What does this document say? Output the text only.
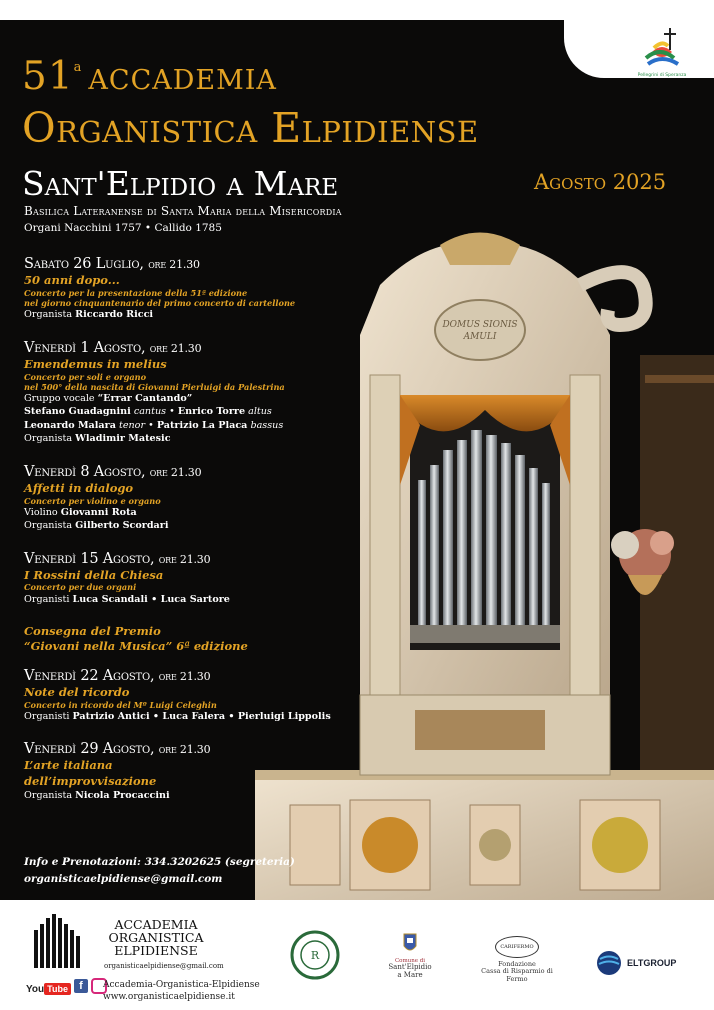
DOMUS SIONIS
AMULI
Pellegrini di Speranza
51$^a$ accademia
Organistica Elpidiense
Sant'Elpidio a Mare	Agosto 2025
Basilica Lateranense di Santa Maria della Misericordia
Organi Nacchini 1757 • Callido 1785
Sabato 26 Luglio, ore 21.30
50 anni dopo...
Concerto per la presentazione della 51ª edizione
nel giorno cinquantenario del primo concerto di cartellone
Organista Riccardo Ricci
Venerdì 1 Agosto, ore 21.30
Emendemus in melius
Concerto per soli e organo
nel 500° della nascita di Giovanni Pierluigi da Palestrina
Gruppo vocale “Errar Cantando”
Stefano Guadagnini cantus • Enrico Torre altus
Leonardo Malara tenor • Patrizio La Placa bassus
Organista Wladimir Matesic
Venerdì 8 Agosto, ore 21.30
Affetti in dialogo
Concerto per violino e organo
Violino Giovanni Rota
Organista Gilberto Scordari
Venerdì 15 Agosto, ore 21.30
I Rossini della Chiesa
Concerto per due organi
Organisti Luca Scandali • Luca Sartore
Consegna del Premio
“Giovani nella Musica” 6ª edizione
Venerdì 22 Agosto, ore 21.30
Note del ricordo
Concerto in ricordo del Mº Luigi Celeghin
Organisti Patrizio Antici • Luca Falera • Pierluigi Lippolis
Venerdì 29 Agosto, ore 21.30
L’arte italiana
dell’improvvisazione
Organista Nicola Procaccini
Info e Prenotazioni: 334.3202625 (segreteria)
organisticaelpidiense@gmail.com
ACCADEMIA
ORGANISTICA
ELPIDIENSE
organisticaelpidiense@gmail.com
You Tube	f	Accademia-Organistica-Elpidiense
www.organisticaelpidiense.it
R	Comune di
Sant'Elpidio
a Mare
CARIFERMO
Fondazione
Cassa di Risparmio di Fermo
ELTGROUP
